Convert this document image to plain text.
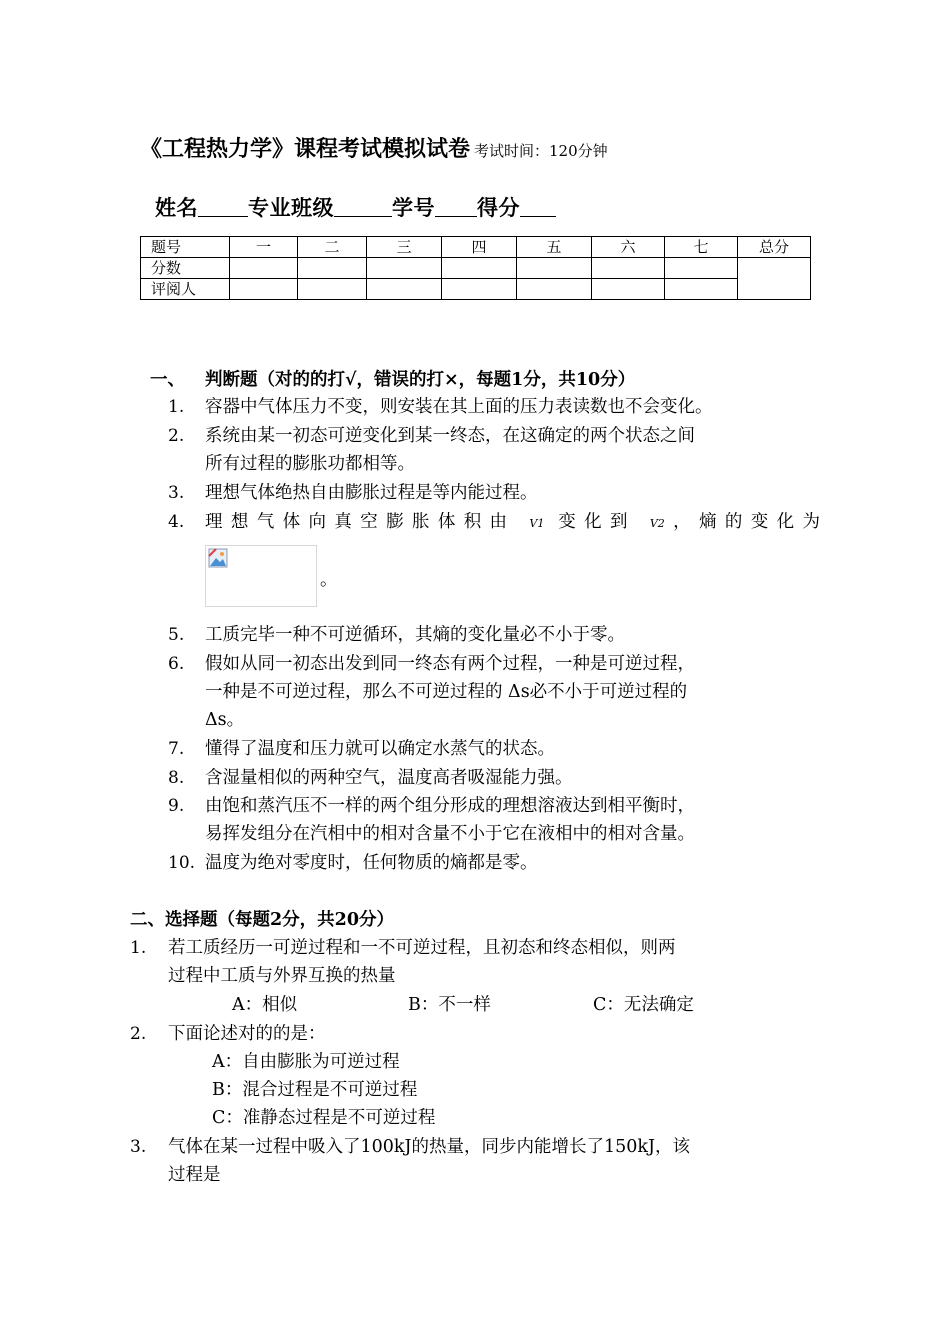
《工程热力学》课程考试模拟试卷 考试时间：120分钟
姓名 专业班级	学号 得分
题号	一	二	三	四	五	六	七	总分
分数								
评阅人								
一、 判断题（对的的打√，错误的打×，每题1分，共10分）
1. 容器中气体压力不变，则安装在其上面的压力表读数也不会变化。
2. 系统由某一初态可逆变化到某一终态，在这确定的两个状态之间
所有过程的膨胀功都相等。
3. 理想气体绝热自由膨胀过程是等内能过程。
4. 理想气体向真空膨胀体积由 V1 变化到 V2，熵的变化为
。
5. 工质完毕一种不可逆循环，其熵的变化量必不小于零。
6. 假如从同一初态出发到同一终态有两个过程，一种是可逆过程，
一种是不可逆过程，那么不可逆过程的 Δs必不小于可逆过程的
Δs。
7. 懂得了温度和压力就可以确定水蒸气的状态。
8. 含湿量相似的两种空气，温度高者吸湿能力强。
9. 由饱和蒸汽压不一样的两个组分形成的理想溶液达到相平衡时，
易挥发组分在汽相中的相对含量不小于它在液相中的相对含量。
10. 温度为绝对零度时，任何物质的熵都是零。
二、选择题（每题2分，共20分）
1. 若工质经历一可逆过程和一不可逆过程，且初态和终态相似，则两
过程中工质与外界互换的热量
A：相似	B：不一样	C：无法确定
2. 下面论述对的的是：
A：自由膨胀为可逆过程
B：混合过程是不可逆过程
C：准静态过程是不可逆过程
3. 气体在某一过程中吸入了100kJ的热量，同步内能增长了150kJ，该
过程是
